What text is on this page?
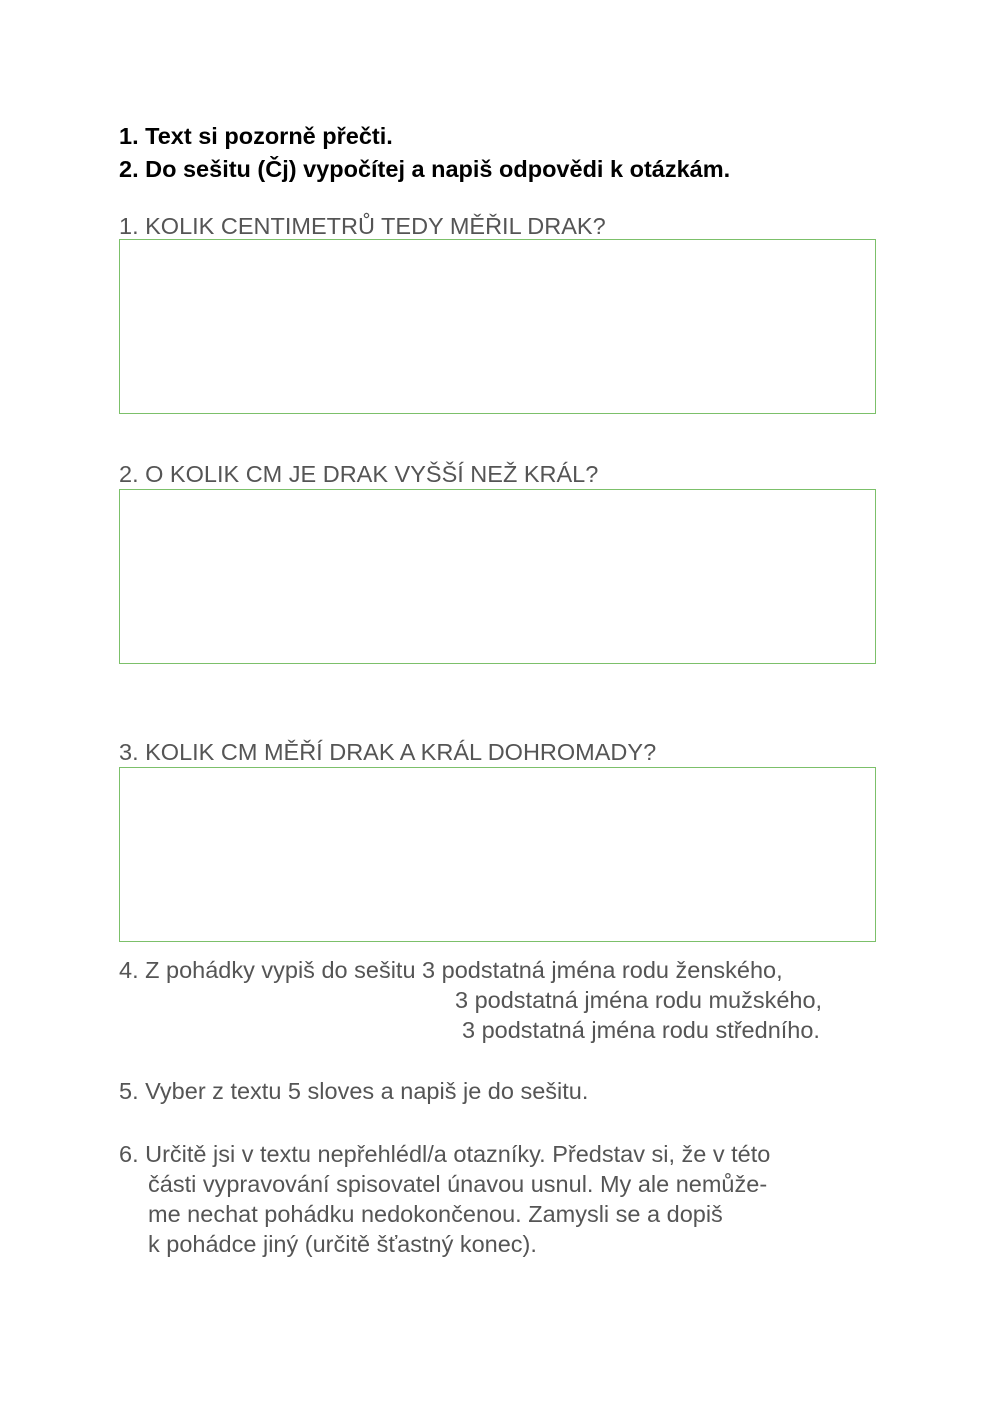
1. Text si pozorně přečti.
2. Do sešitu (Čj) vypočítej a napiš odpovědi k otázkám.
1. KOLIK CENTIMETRŮ TEDY MĚŘIL DRAK?
2. O KOLIK CM JE DRAK VYŠŠÍ NEŽ KRÁL?
3. KOLIK CM MĚŘÍ DRAK A KRÁL DOHROMADY?
4. Z pohádky vypiš do sešitu 3 podstatná jména rodu ženského,
3 podstatná jména rodu mužského,
3 podstatná jména rodu středního.
5. Vyber z textu 5 sloves a napiš je do sešitu.
6. Určitě jsi v textu nepřehlédl/a otazníky. Představ si, že v této
části vypravování spisovatel únavou usnul. My ale nemůže-
me nechat pohádku nedokončenou. Zamysli se a dopiš
k pohádce jiný (určitě šťastný konec).
